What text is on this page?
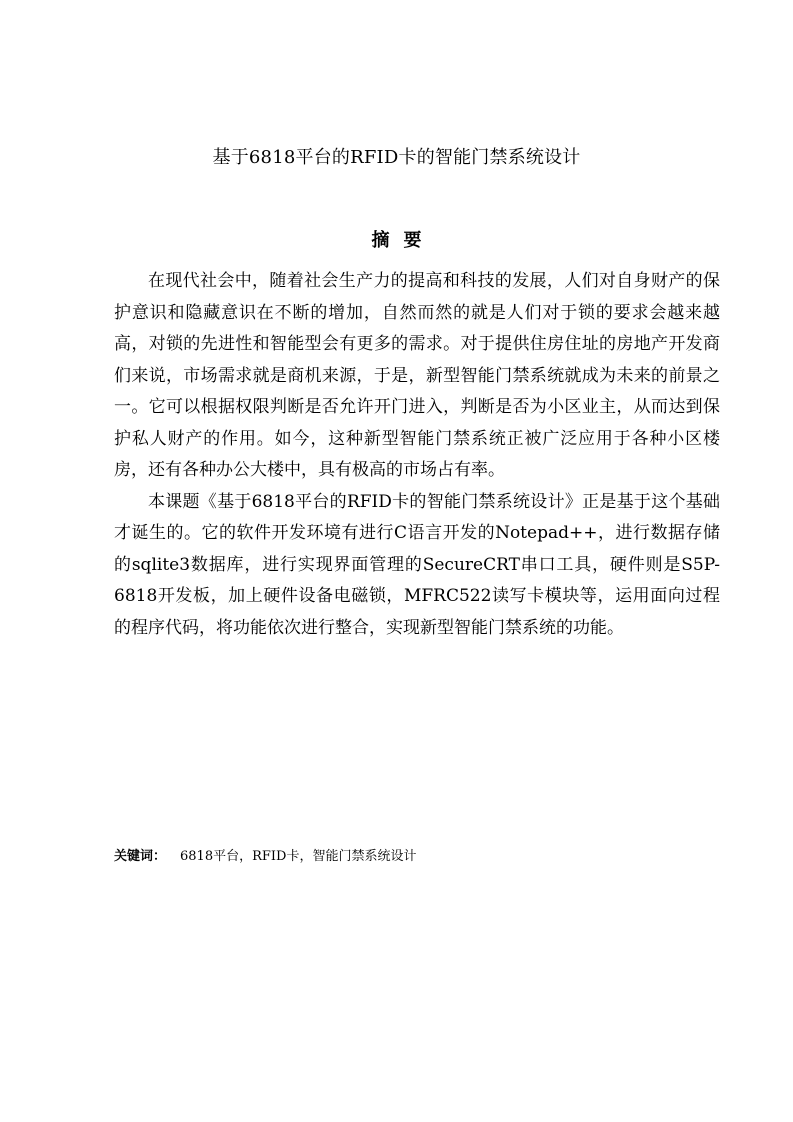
基于6818平台的RFID卡的智能门禁系统设计
摘要

在现代社会中，随着社会生产力的提高和科技的发展，人们对自身财产的保护意识和隐藏意识在不断的增加，自然而然的就是人们对于锁的要求会越来越高，对锁的先进性和智能型会有更多的需求。对于提供住房住址的房地产开发商们来说，市场需求就是商机来源，于是，新型智能门禁系统就成为未来的前景之一。它可以根据权限判断是否允许开门进入，判断是否为小区业主，从而达到保护私人财产的作用。如今，这种新型智能门禁系统正被广泛应用于各种小区楼房，还有各种办公大楼中，具有极高的市场占有率。

本课题《基于6818平台的RFID卡的智能门禁系统设计》正是基于这个基础才诞生的。它的软件开发环境有进行C语言开发的Notepad++，进行数据存储的sqlite3数据库，进行实现界面管理的SecureCRT串口工具，硬件则是S5P-6818开发板，加上硬件设备电磁锁，MFRC522读写卡模块等，运用面向过程的程序代码，将功能依次进行整合，实现新型智能门禁系统的功能。

关键词： 6818平台，RFID卡，智能门禁系统设计
